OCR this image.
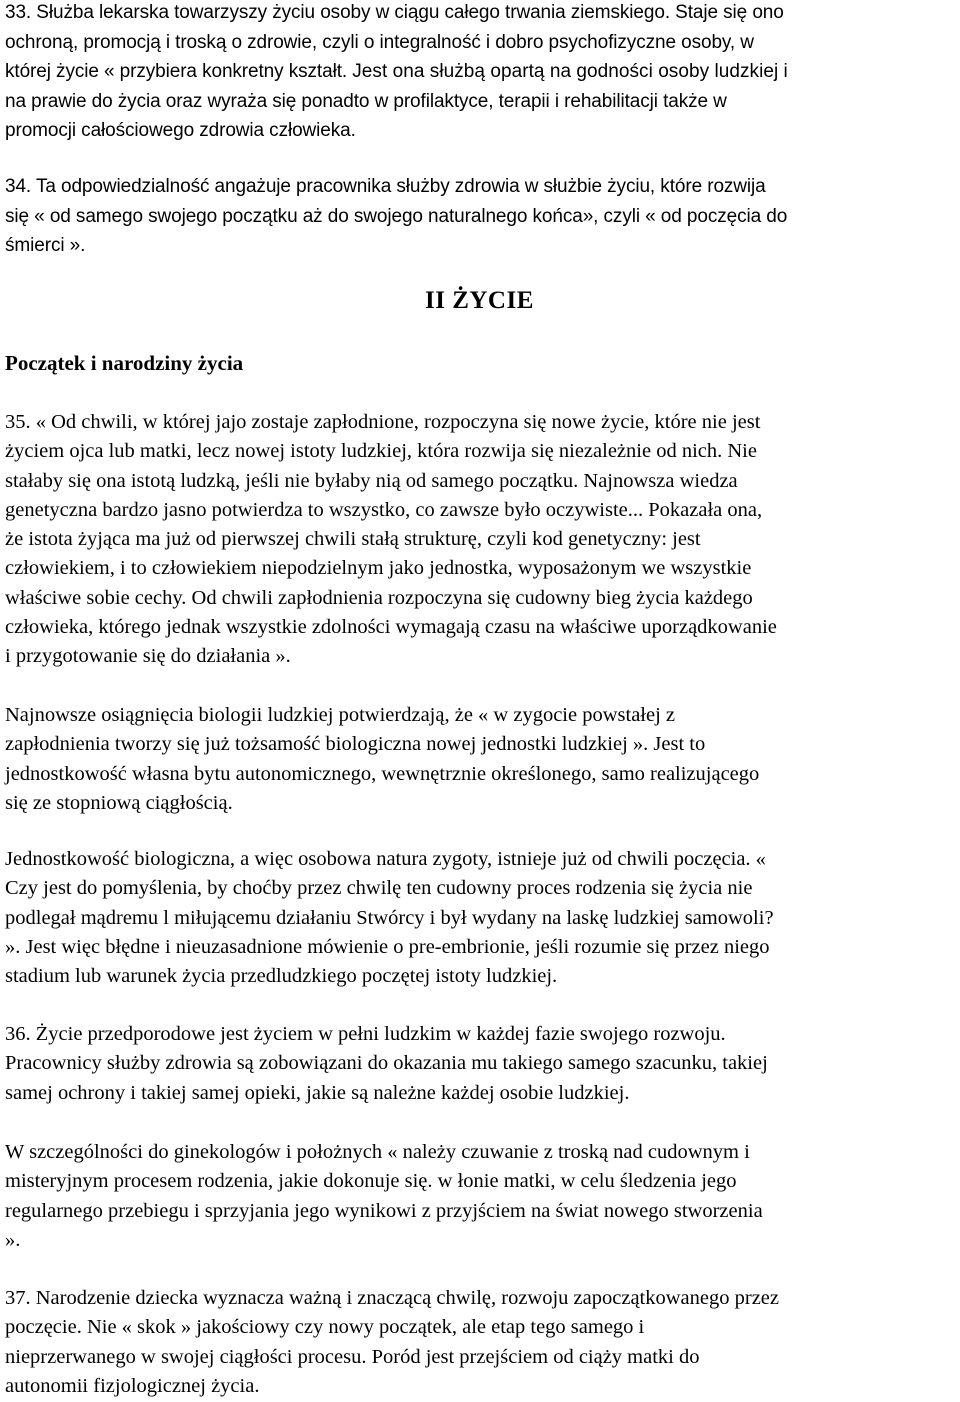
33. Służba lekarska towarzyszy życiu osoby w ciągu całego trwania ziemskiego. Staje się ono
ochroną, promocją i troską o zdrowie, czyli o integralność i dobro psychofizyczne osoby, w
której życie « przybiera konkretny kształt. Jest ona służbą opartą na godności osoby ludzkiej i
na prawie do życia oraz wyraża się ponadto w profilaktyce, terapii i rehabilitacji także w
promocji całościowego zdrowia człowieka.
34. Ta odpowiedzialność angażuje pracownika służby zdrowia w służbie życiu, które rozwija
się « od samego swojego początku aż do swojego naturalnego końca», czyli « od poczęcia do
śmierci ».
II ŻYCIE
Początek i narodziny życia
35. « Od chwili, w której jajo zostaje zapłodnione, rozpoczyna się nowe życie, które nie jest
życiem ojca lub matki, lecz nowej istoty ludzkiej, która rozwija się niezależnie od nich. Nie
stałaby się ona istotą ludzką, jeśli nie byłaby nią od samego początku. Najnowsza wiedza
genetyczna bardzo jasno potwierdza to wszystko, co zawsze było oczywiste... Pokazała ona,
że istota żyjąca ma już od pierwszej chwili stałą strukturę, czyli kod genetyczny: jest
człowiekiem, i to człowiekiem niepodzielnym jako jednostka, wyposażonym we wszystkie
właściwe sobie cechy. Od chwili zapłodnienia rozpoczyna się cudowny bieg życia każdego
człowieka, którego jednak wszystkie zdolności wymagają czasu na właściwe uporządkowanie
i przygotowanie się do działania ».
Najnowsze osiągnięcia biologii ludzkiej potwierdzają, że « w zygocie powstałej z
zapłodnienia tworzy się już tożsamość biologiczna nowej jednostki ludzkiej ». Jest to
jednostkowość własna bytu autonomicznego, wewnętrznie określonego, samo realizującego
się ze stopniową ciągłością.
Jednostkowość biologiczna, a więc osobowa natura zygoty, istnieje już od chwili poczęcia. «
Czy jest do pomyślenia, by choćby przez chwilę ten cudowny proces rodzenia się życia nie
podlegał mądremu l miłującemu działaniu Stwórcy i był wydany na laskę ludzkiej samowoli?
». Jest więc błędne i nieuzasadnione mówienie o pre-embrionie, jeśli rozumie się przez niego
stadium lub warunek życia przedludzkiego poczętej istoty ludzkiej.
36. Życie przedporodowe jest życiem w pełni ludzkim w każdej fazie swojego rozwoju.
Pracownicy służby zdrowia są zobowiązani do okazania mu takiego samego szacunku, takiej
samej ochrony i takiej samej opieki, jakie są należne każdej osobie ludzkiej.
W szczególności do ginekologów i położnych « należy czuwanie z troską nad cudownym i
misteryjnym procesem rodzenia, jakie dokonuje się. w łonie matki, w celu śledzenia jego
regularnego przebiegu i sprzyjania jego wynikowi z przyjściem na świat nowego stworzenia
».
37. Narodzenie dziecka wyznacza ważną i znaczącą chwilę, rozwoju zapoczątkowanego przez
poczęcie. Nie « skok » jakościowy czy nowy początek, ale etap tego samego i
nieprzerwanego w swojej ciągłości procesu. Poród jest przejściem od ciąży matki do
autonomii fizjologicznej życia.
